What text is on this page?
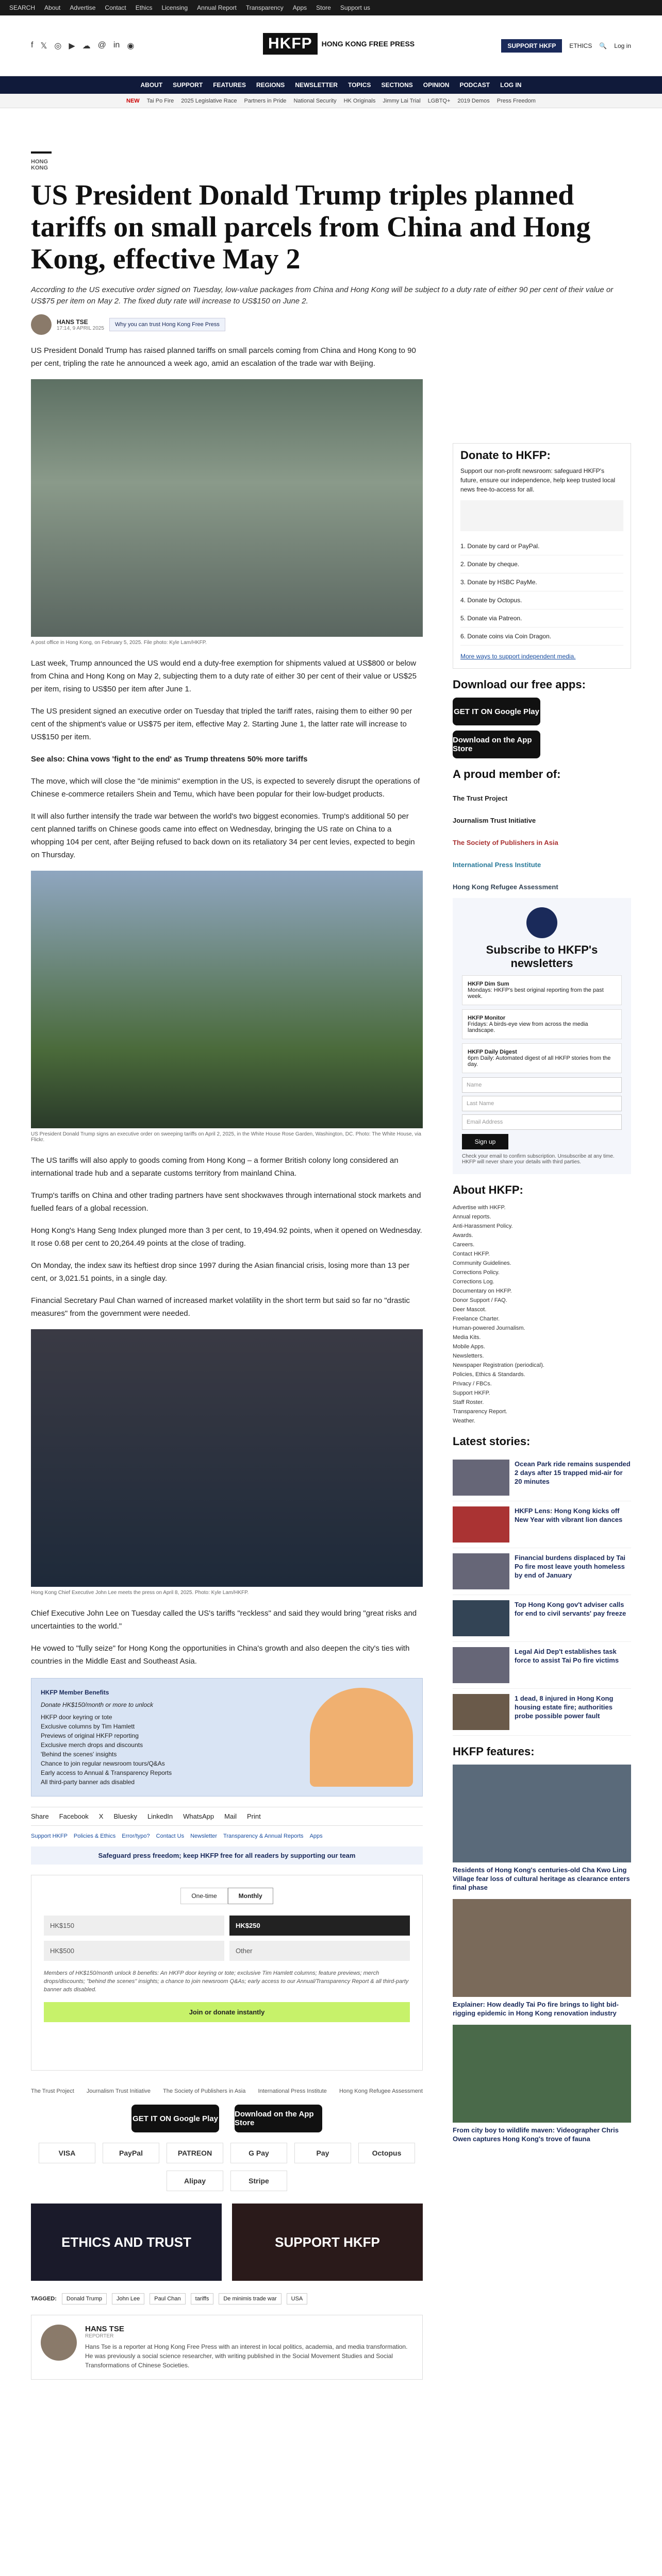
SEARCH About Advertise Contact Ethics Licensing Annual Report Transparency Apps Store Support us
f 𝕏 ◎ ▶ ☁ @ in ◉	HKFP	HONG KONG FREE PRESS	SUPPORT HKFP	ETHICS 🔍 Log in
ABOUT SUPPORT FEATURES REGIONS NEWSLETTER TOPICS SECTIONS OPINION PODCAST LOG IN
NEW Tai Po Fire 2025 Legislative Race Partners in Pride National Security HK Originals Jimmy Lai Trial LGBTQ+ 2019 Demos Press Freedom
HONG KONG
US President Donald Trump triples planned tariffs on small parcels from China and Hong Kong, effective May 2
According to the US executive order signed on Tuesday, low-value packages from China and Hong Kong will be subject to a duty rate of either 90 per cent of their value or US$75 per item on May 2. The fixed duty rate will increase to US$150 on June 2.
HANS TSE
17:14, 9 APRIL 2025
Why you can trust Hong Kong Free Press

US President Donald Trump has raised planned tariffs on small parcels coming from China and Hong Kong to 90 per cent, tripling the rate he announced a week ago, amid an escalation of the trade war with Beijing.

A post office in Hong Kong, on February 5, 2025. File photo: Kyle Lam/HKFP.

Last week, Trump announced the US would end a duty-free exemption for shipments valued at US$800 or below from China and Hong Kong on May 2, subjecting them to a duty rate of either 30 per cent of their value or US$25 per item, rising to US$50 per item after June 1.

The US president signed an executive order on Tuesday that tripled the tariff rates, raising them to either 90 per cent of the shipment's value or US$75 per item, effective May 2. Starting June 1, the latter rate will increase to US$150 per item.

See also: China vows 'fight to the end' as Trump threatens 50% more tariffs

The move, which will close the "de minimis" exemption in the US, is expected to severely disrupt the operations of Chinese e-commerce retailers Shein and Temu, which have been popular for their low-budget products.

It will also further intensify the trade war between the world's two biggest economies. Trump's additional 50 per cent planned tariffs on Chinese goods came into effect on Wednesday, bringing the US rate on China to a whopping 104 per cent, after Beijing refused to back down on its retaliatory 34 per cent levies, expected to begin on Thursday.

US President Donald Trump signs an executive order on sweeping tariffs on April 2, 2025, in the White House Rose Garden, Washington, DC. Photo: The White House, via Flickr.

The US tariffs will also apply to goods coming from Hong Kong – a former British colony long considered an international trade hub and a separate customs territory from mainland China.

Trump's tariffs on China and other trading partners have sent shockwaves through international stock markets and fuelled fears of a global recession.

Hong Kong's Hang Seng Index plunged more than 3 per cent, to 19,494.92 points, when it opened on Wednesday. It rose 0.68 per cent to 20,264.49 points at the close of trading.

On Monday, the index saw its heftiest drop since 1997 during the Asian financial crisis, losing more than 13 per cent, or 3,021.51 points, in a single day.

Financial Secretary Paul Chan warned of increased market volatility in the short term but said so far no "drastic measures" from the government were needed.

Hong Kong Chief Executive John Lee meets the press on April 8, 2025. Photo: Kyle Lam/HKFP.

Chief Executive John Lee on Tuesday called the US's tariffs "reckless" and said they would bring "great risks and uncertainties to the world."

He vowed to "fully seize" for Hong Kong the opportunities in China's growth and also deepen the city's ties with countries in the Middle East and Southeast Asia.

HKFP Member Benefits
Donate HK$150/month or more to unlock
HKFP door keyring or tote
Exclusive columns by Tim Hamlett
Previews of original HKFP reporting
Exclusive merch drops and discounts
'Behind the scenes' insights
Chance to join regular newsroom tours/Q&As
Early access to Annual & Transparency Reports
All third-party banner ads disabled
Share Facebook X Bluesky LinkedIn WhatsApp Mail Print
Support HKFP Policies & Ethics Error/typo? Contact Us Newsletter Transparency & Annual Reports Apps
Safeguard press freedom; keep HKFP free for all readers by supporting our team
One-time	Monthly
HK$150	HK$250
HK$500	Other
Members of HK$150/month unlock 8 benefits: An HKFP door keyring or tote; exclusive Tim Hamlett columns; feature previews; merch drops/discounts; "behind the scenes" insights; a chance to join newsroom Q&As; early access to our Annual/Transparency Report & all third-party banner ads disabled.
Join or donate instantly
The Trust Project Journalism Trust Initiative The Society of Publishers in Asia International Press Institute Hong Kong Refugee Assessment
GET IT ON Google Play Download on the App Store
VISA	PayPal	PATREON	G Pay	Pay	Octopus
Alipay	Stripe
ETHICS AND TRUST	SUPPORT HKFP
TAGGED:	Donald Trump	John Lee	Paul Chan	tariffs	De minimis trade war	USA
HANS TSE
REPORTER
Hans Tse is a reporter at Hong Kong Free Press with an interest in local politics, academia, and media transformation. He was previously a social science researcher, with writing published in the Social Movement Studies and Social Transformations of Chinese Societies.
Donate to HKFP:
Support our non-profit newsroom: safeguard HKFP's future, ensure our independence, help keep trusted local news free-to-access for all.
1. Donate by card or PayPal.
2. Donate by cheque.
3. Donate by HSBC PayMe.
4. Donate by Octopus.
5. Donate via Patreon.
6. Donate coins via Coin Dragon.
More ways to support independent media.
Download our free apps:
GET IT ON Google Play
Download on the App Store
A proud member of:
The Trust Project
Journalism Trust Initiative
The Society of Publishers in Asia
International Press Institute
Hong Kong Refugee Assessment
Subscribe to HKFP's newsletters
HKFP Dim Sum
Mondays: HKFP's best original reporting from the past week.
HKFP Monitor
Fridays: A birds-eye view from across the media landscape.
HKFP Daily Digest
6pm Daily: Automated digest of all HKFP stories from the day.
Name
Last Name
Email Address
Sign up
Check your email to confirm subscription. Unsubscribe at any time. HKFP will never share your details with third parties.
About HKFP:
Advertise with HKFP.
Annual reports.
Anti-Harassment Policy.
Awards.
Careers.
Contact HKFP.
Community Guidelines.
Corrections Policy.
Corrections Log.
Documentary on HKFP.
Donor Support / FAQ.
Deer Mascot.
Freelance Charter.
Human-powered Journalism.
Media Kits.
Mobile Apps.
Newsletters.
Newspaper Registration (periodical).
Policies, Ethics & Standards.
Privacy / FBCs.
Support HKFP.
Staff Roster.
Transparency Report.
Weather.
Latest stories:
Ocean Park ride remains suspended 2 days after 15 trapped mid-air for 20 minutes
HKFP Lens: Hong Kong kicks off New Year with vibrant lion dances
Financial burdens displaced by Tai Po fire most leave youth homeless by end of January
Top Hong Kong gov't adviser calls for end to civil servants' pay freeze
Legal Aid Dep't establishes task force to assist Tai Po fire victims
1 dead, 8 injured in Hong Kong housing estate fire; authorities probe possible power fault
HKFP features:
Residents of Hong Kong's centuries-old Cha Kwo Ling Village fear loss of cultural heritage as clearance enters final phase
Explainer: How deadly Tai Po fire brings to light bid-rigging epidemic in Hong Kong renovation industry
From city boy to wildlife maven: Videographer Chris Owen captures Hong Kong's trove of fauna
